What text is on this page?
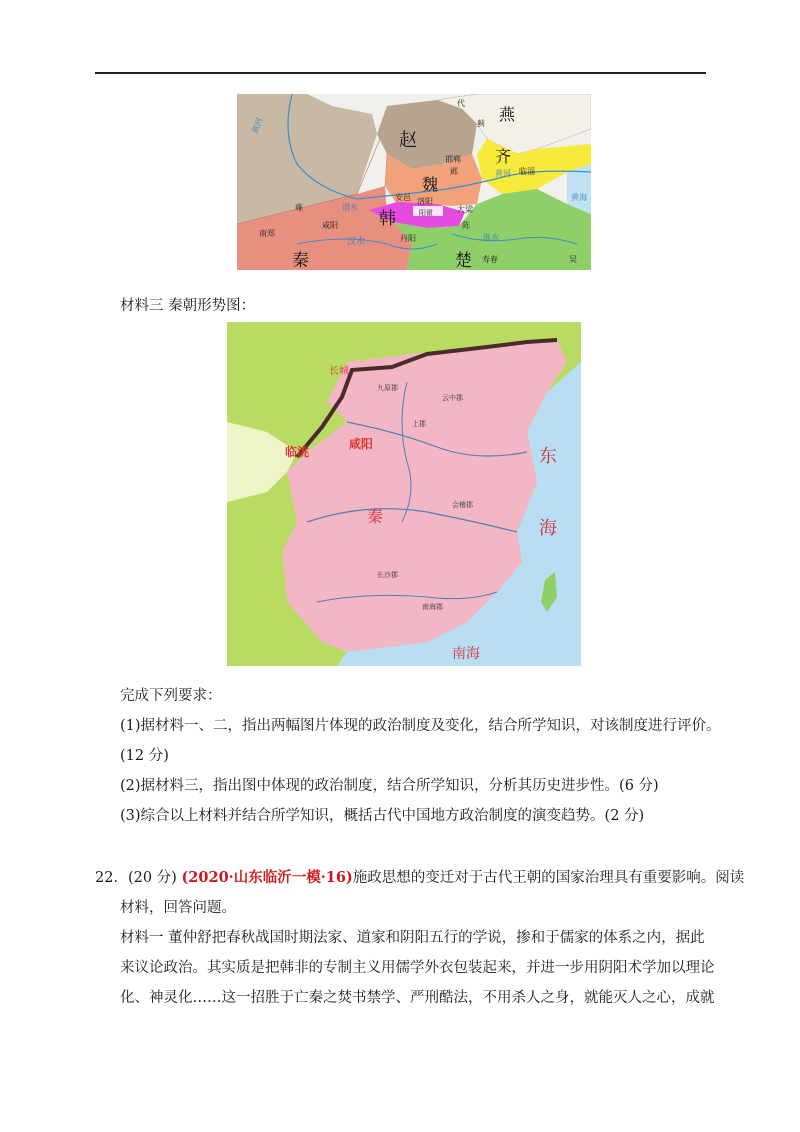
赵
燕
齐
魏
韩
秦	楚
代
蓟
邯郸
邺	临淄
安邑 洛阳
大梁
阳翟
雍
咸阳
南郑
丹阳
陈
寿春	吴
黄河
黄河
渭水
汉水	淮水
黄海
材料三 秦朝形势图：
长城
临洮
咸阳
秦
东
海
南海
九原郡
云中郡
上郡
长沙郡
会稽郡
南海郡
完成下列要求：
(1)据材料一、二，指出两幅图片体现的政治制度及变化，结合所学知识，对该制度进行评价。
(12 分)
(2)据材料三，指出图中体现的政治制度，结合所学知识，分析其历史进步性。(6 分)
(3)综合以上材料并结合所学知识，概括古代中国地方政治制度的演变趋势。(2 分)
22．(20 分) (2020·山东临沂一模·16)施政思想的变迁对于古代王朝的国家治理具有重要影响。阅读
材料，回答问题。
材料一 董仲舒把春秋战国时期法家、道家和阴阳五行的学说，掺和于儒家的体系之内，据此
来议论政治。其实质是把韩非的专制主义用儒学外衣包装起来，并进一步用阴阳术学加以理论
化、神灵化……这一招胜于亡秦之焚书禁学、严刑酷法，不用杀人之身，就能灭人之心，成就
